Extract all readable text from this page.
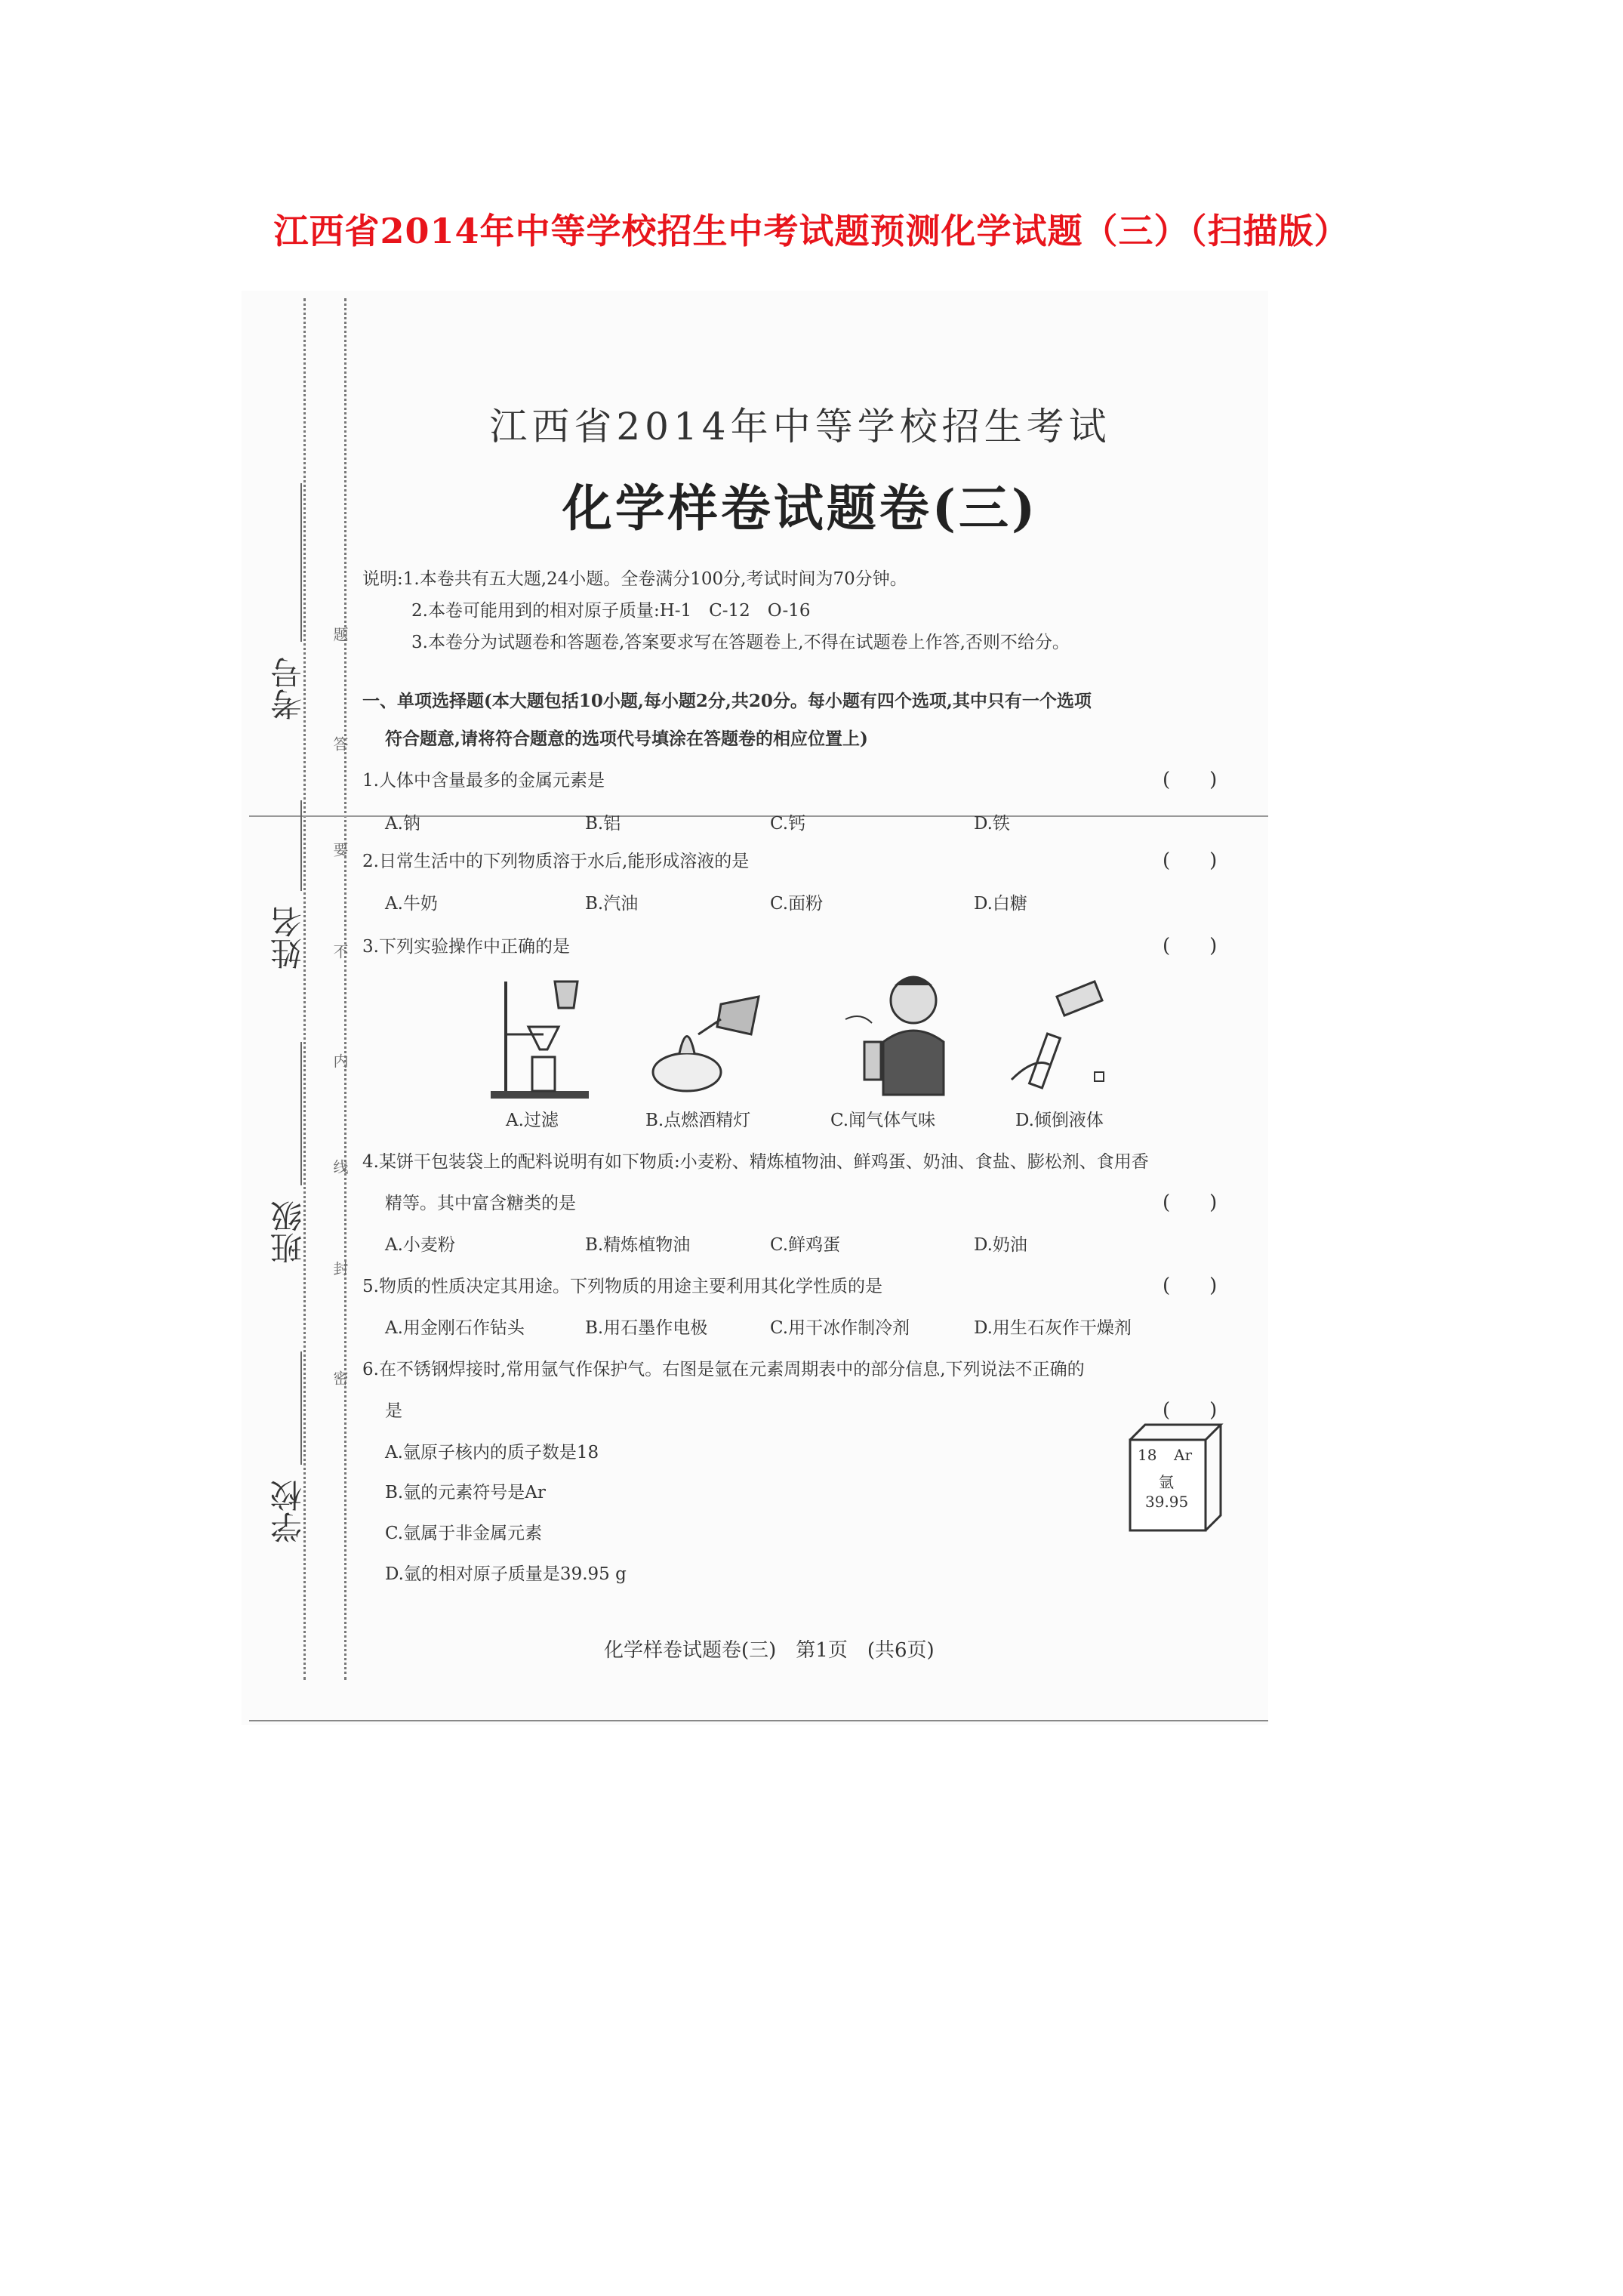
江西省2014年中等学校招生中考试题预测化学试题（三）（扫描版）
考号
姓名
班级
学校
题
答
要
不
内
线
封
密
江西省2014年中等学校招生考试
化学样卷试题卷(三)
说明:1.本卷共有五大题,24小题。全卷满分100分,考试时间为70分钟。
2.本卷可能用到的相对原子质量:H-1　C-12　O-16
3.本卷分为试题卷和答题卷,答案要求写在答题卷上,不得在试题卷上作答,否则不给分。
一、单项选择题(本大题包括10小题,每小题2分,共20分。每小题有四个选项,其中只有一个选项
符合题意,请将符合题意的选项代号填涂在答题卷的相应位置上)
1.人体中含量最多的金属元素是	(　　)
A.钠	B.铝	C.钙	D.铁
2.日常生活中的下列物质溶于水后,能形成溶液的是	(　　)
A.牛奶	B.汽油	C.面粉	D.白糖
3.下列实验操作中正确的是	(　　)
A.过滤	B.点燃酒精灯	C.闻气体气味	D.倾倒液体
4.某饼干包装袋上的配料说明有如下物质:小麦粉、精炼植物油、鲜鸡蛋、奶油、食盐、膨松剂、食用香
精等。其中富含糖类的是	(　　)
A.小麦粉	B.精炼植物油	C.鲜鸡蛋	D.奶油
5.物质的性质决定其用途。下列物质的用途主要利用其化学性质的是	(　　)
A.用金刚石作钻头	B.用石墨作电极	C.用干冰作制冷剂	D.用生石灰作干燥剂
6.在不锈钢焊接时,常用氩气作保护气。右图是氩在元素周期表中的部分信息,下列说法不正确的
是	(　　)
A.氩原子核内的质子数是18
B.氩的元素符号是Ar
C.氩属于非金属元素
D.氩的相对原子质量是39.95 g
18 Ar
氩
39.95
化学样卷试题卷(三)　第1页　(共6页)
